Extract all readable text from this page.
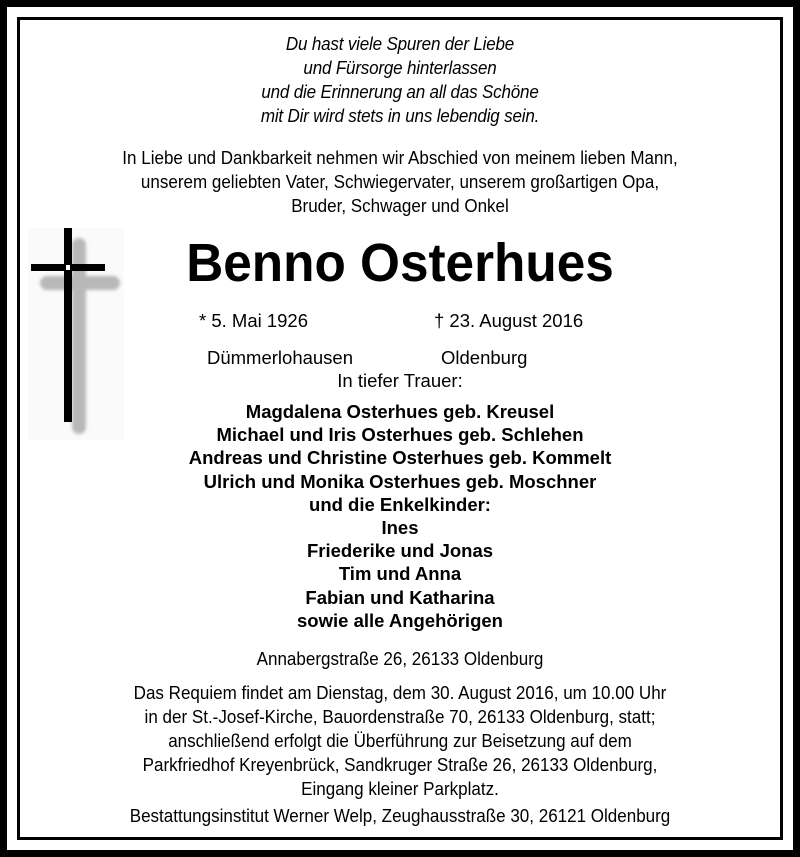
Du hast viele Spuren der Liebe
und Fürsorge hinterlassen
und die Erinnerung an all das Schöne
mit Dir wird stets in uns lebendig sein.
In Liebe und Dankbarkeit nehmen wir Abschied von meinem lieben Mann,
unserem geliebten Vater, Schwiegervater, unserem großartigen Opa,
Bruder, Schwager und Onkel
Benno Osterhues
* 5. Mai 1926	† 23. August 2016
Dümmerlohausen	Oldenburg
In tiefer Trauer:
Magdalena Osterhues geb. Kreusel
Michael und Iris Osterhues geb. Schlehen
Andreas und Christine Osterhues geb. Kommelt
Ulrich und Monika Osterhues geb. Moschner
und die Enkelkinder:
Ines
Friederike und Jonas
Tim und Anna
Fabian und Katharina
sowie alle Angehörigen
Annabergstraße 26, 26133 Oldenburg
Das Requiem findet am Dienstag, dem 30. August 2016, um 10.00 Uhr
in der St.-Josef-Kirche, Bauordenstraße 70, 26133 Oldenburg, statt;
anschließend erfolgt die Überführung zur Beisetzung auf dem
Parkfriedhof Kreyenbrück, Sandkruger Straße 26, 26133 Oldenburg,
Eingang kleiner Parkplatz.
Bestattungsinstitut Werner Welp, Zeughausstraße 30, 26121 Oldenburg
